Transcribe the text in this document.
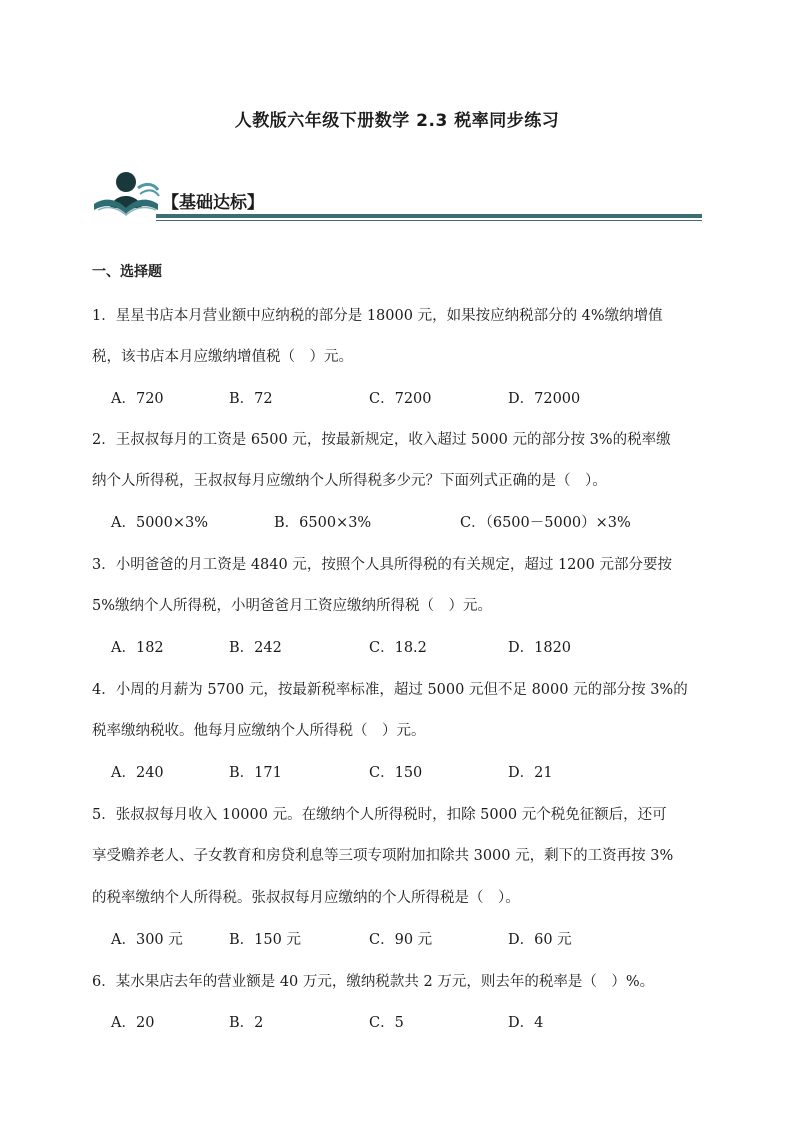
人教版六年级下册数学 2.3 税率同步练习
【基础达标】
一、选择题
1．星星书店本月营业额中应纳税的部分是 18000 元，如果按应纳税部分的 4%缴纳增值
税，该书店本月应缴纳增值税（　）元。
A．720	B．72	C．7200	D．72000
2．王叔叔每月的工资是 6500 元，按最新规定，收入超过 5000 元的部分按 3%的税率缴
纳个人所得税，王叔叔每月应缴纳个人所得税多少元？下面列式正确的是（　）。
A．5000×3%	B．6500×3%	C．（6500－5000）×3%
3．小明爸爸的月工资是 4840 元，按照个人具所得税的有关规定，超过 1200 元部分要按
5%缴纳个人所得税，小明爸爸月工资应缴纳所得税（　）元。
A．182	B．242	C．18.2	D．1820
4．小周的月薪为 5700 元，按最新税率标准，超过 5000 元但不足 8000 元的部分按 3%的
税率缴纳税收。他每月应缴纳个人所得税（　）元。
A．240	B．171	C．150	D．21
5．张叔叔每月收入 10000 元。在缴纳个人所得税时，扣除 5000 元个税免征额后，还可
享受赡养老人、子女教育和房贷利息等三项专项附加扣除共 3000 元，剩下的工资再按 3%
的税率缴纳个人所得税。张叔叔每月应缴纳的个人所得税是（　）。
A．300 元	B．150 元	C．90 元	D．60 元
6．某水果店去年的营业额是 40 万元，缴纳税款共 2 万元，则去年的税率是（　）%。
A．20	B．2	C．5	D．4
